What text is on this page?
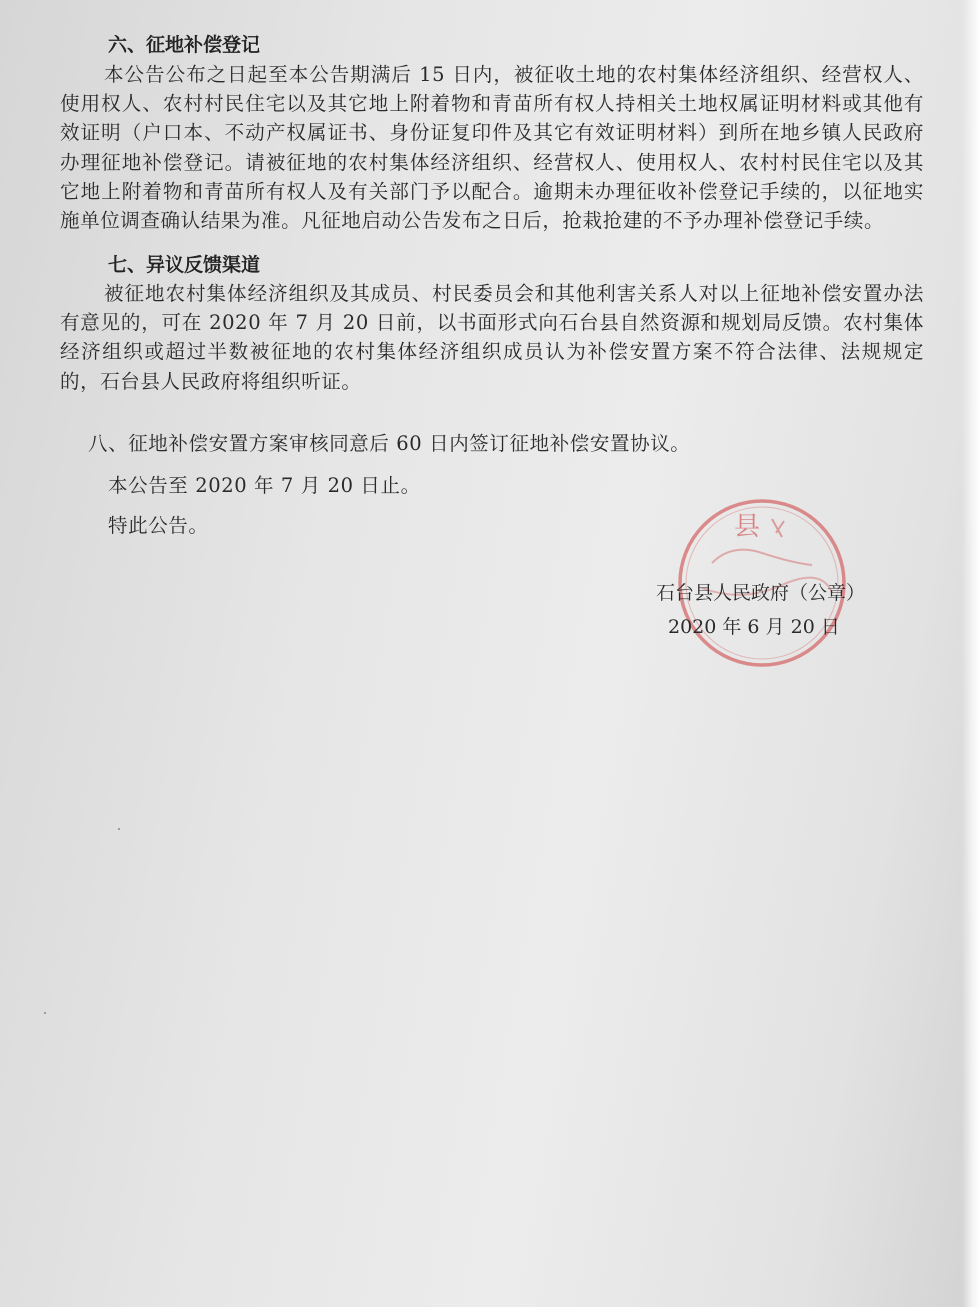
六、征地补偿登记

本公告公布之日起至本公告期满后 15 日内，被征收土地的农村集体经济组织、经营权人、使用权人、农村村民住宅以及其它地上附着物和青苗所有权人持相关土地权属证明材料或其他有效证明（户口本、不动产权属证书、身份证复印件及其它有效证明材料）到所在地乡镇人民政府办理征地补偿登记。请被征地的农村集体经济组织、经营权人、使用权人、农村村民住宅以及其它地上附着物和青苗所有权人及有关部门予以配合。逾期未办理征收补偿登记手续的，以征地实施单位调查确认结果为准。凡征地启动公告发布之日后，抢栽抢建的不予办理补偿登记手续。

七、异议反馈渠道

被征地农村集体经济组织及其成员、村民委员会和其他利害关系人对以上征地补偿安置办法有意见的，可在 2020 年 7 月 20 日前，以书面形式向石台县自然资源和规划局反馈。农村集体经济组织或超过半数被征地的农村集体经济组织成员认为补偿安置方案不符合法律、法规规定的，石台县人民政府将组织听证。

八、征地补偿安置方案审核同意后 60 日内签订征地补偿安置协议。
本公告至 2020 年 7 月 20 日止。
特此公告。	县
石台县人民政府（公章）
2020 年 6 月 20 日
